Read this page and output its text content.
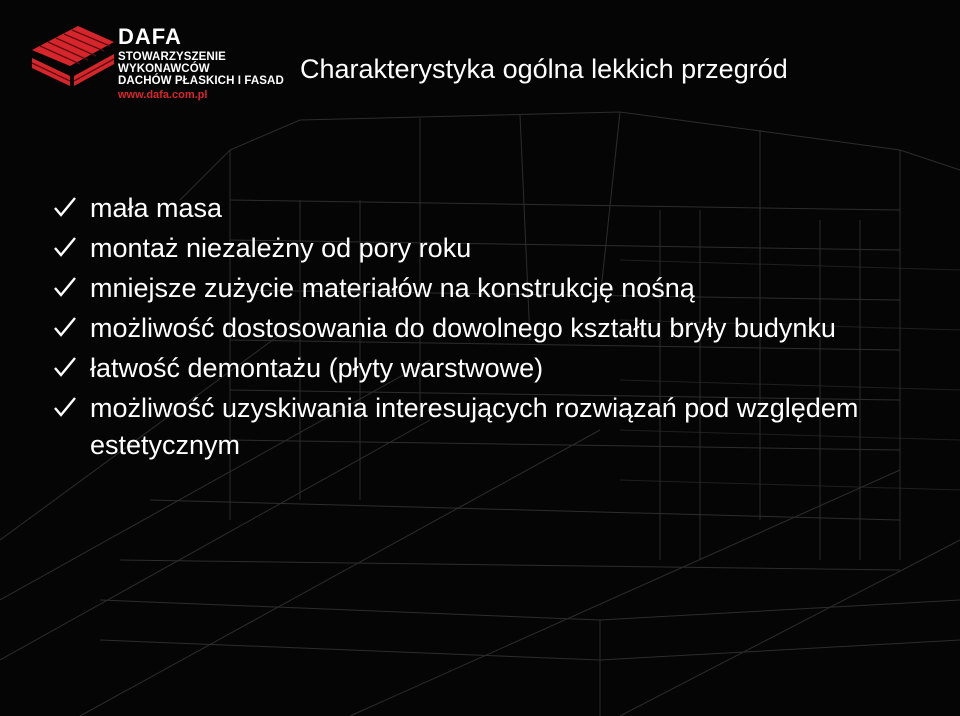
DAFA
STOWARZYSZENIE WYKONAWCÓW
DACHÓW PŁASKICH I FASAD
www.dafa.com.pl
Charakterystyka ogólna lekkich przegród
mała masa
montaż niezależny od pory roku
mniejsze zużycie materiałów na konstrukcję nośną
możliwość dostosowania do dowolnego kształtu bryły budynku
łatwość demontażu (płyty warstwowe)
możliwość uzyskiwania interesujących rozwiązań pod względem estetycznym
